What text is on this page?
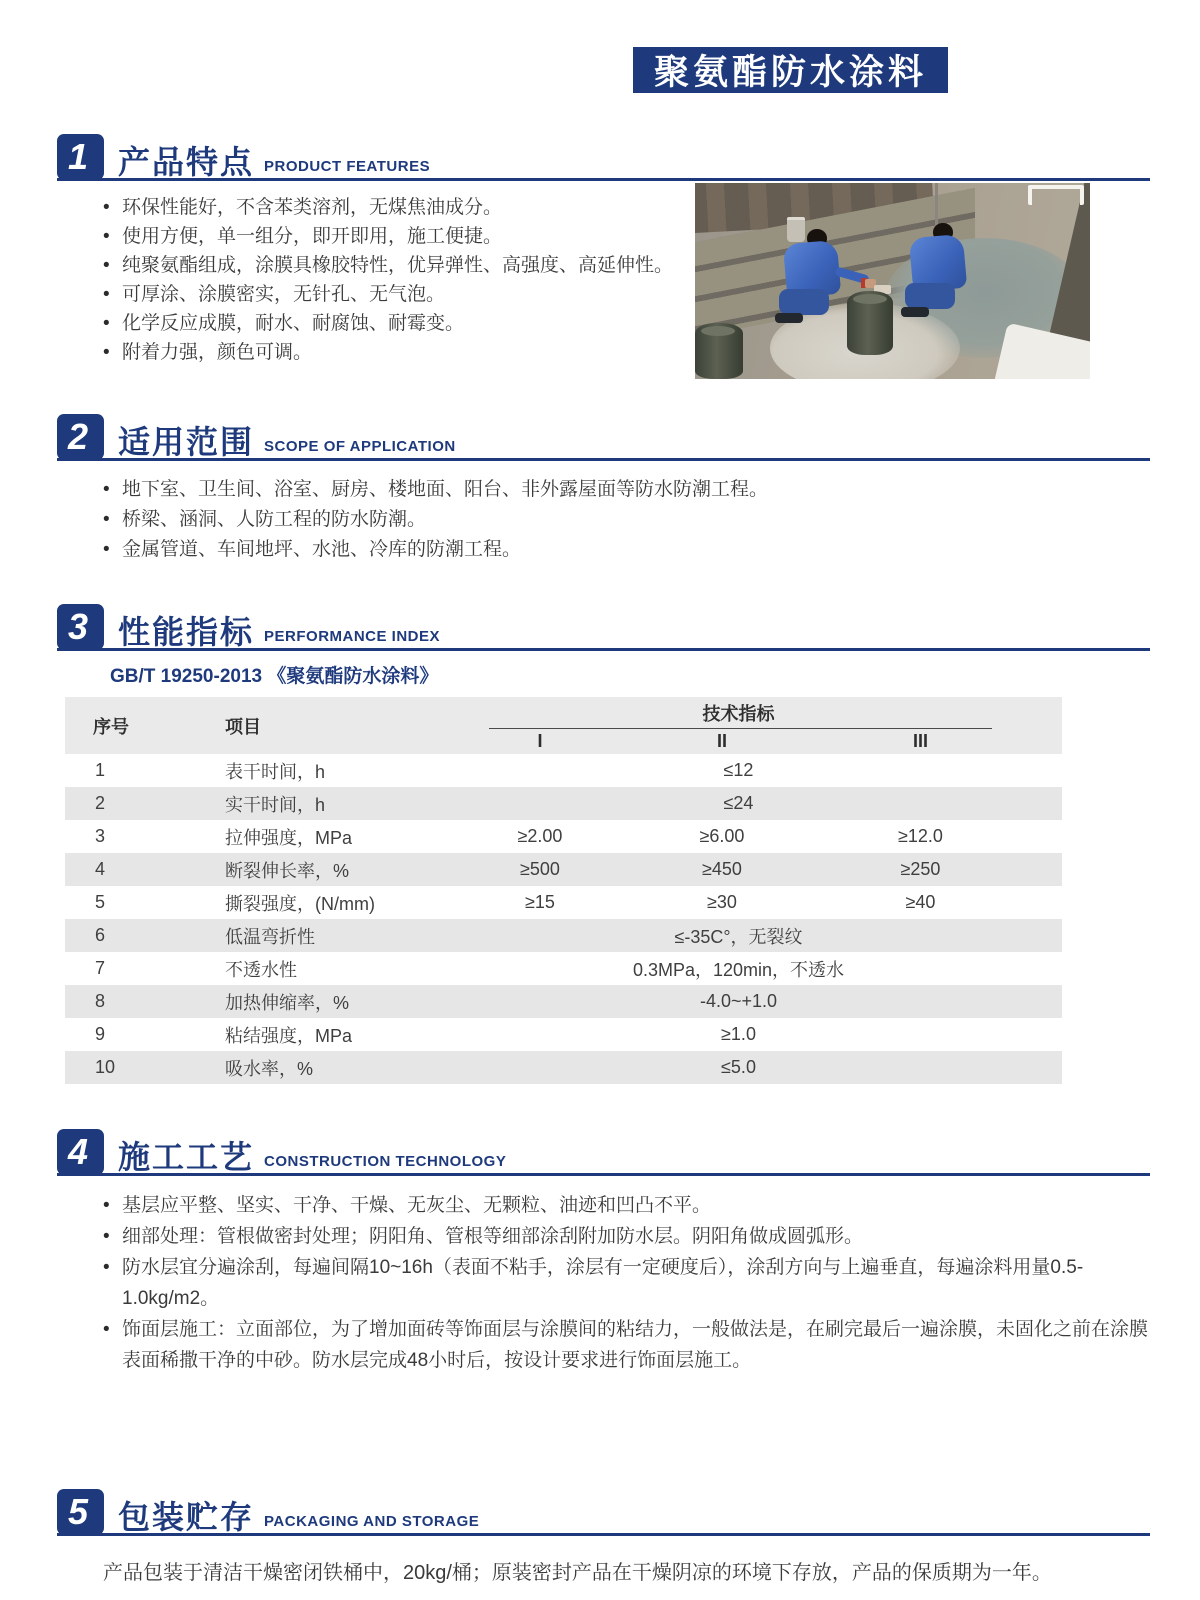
聚氨酯防水涂料
1 产品特点 PRODUCT FEATURES
• 环保性能好，不含苯类溶剂，无煤焦油成分。
• 使用方便，单一组分，即开即用，施工便捷。
• 纯聚氨酯组成，涂膜具橡胶特性，优异弹性、高强度、高延伸性。
• 可厚涂、涂膜密实，无针孔、无气泡。
• 化学反应成膜，耐水、耐腐蚀、耐霉变。
• 附着力强，颜色可调。
2 适用范围 SCOPE OF APPLICATION
• 地下室、卫生间、浴室、厨房、楼地面、阳台、非外露屋面等防水防潮工程。
• 桥梁、涵洞、人防工程的防水防潮。
• 金属管道、车间地坪、水池、冷库的防潮工程。
3 性能指标 PERFORMANCE INDEX
GB/T 19250-2013 《聚氨酯防水涂料》
序号	项目
技术指标
I	II	III
1	表干时间，h	≤12
2	实干时间，h	≤24
3	拉伸强度，MPa	≥2.00	≥6.00	≥12.0
4	断裂伸长率，%	≥500	≥450	≥250
5	撕裂强度，(N/mm)	≥15	≥30	≥40
6	低温弯折性	≤-35C°，无裂纹
7	不透水性	0.3MPa，120min，不透水
8	加热伸缩率，%	-4.0~+1.0
9	粘结强度，MPa	≥1.0
10	吸水率，%	≤5.0
4 施工工艺 CONSTRUCTION TECHNOLOGY
• 基层应平整、坚实、干净、干燥、无灰尘、无颗粒、油迹和凹凸不平。
• 细部处理：管根做密封处理；阴阳角、管根等细部涂刮附加防水层。阴阳角做成圆弧形。
• 防水层宜分遍涂刮，每遍间隔10~16h（表面不粘手，涂层有一定硬度后），涂刮方向与上遍垂直，每遍涂料用量0.5-1.0kg/m2。
• 饰面层施工：立面部位，为了增加面砖等饰面层与涂膜间的粘结力，一般做法是，在刷完最后一遍涂膜，未固化之前在涂膜表面稀撒干净的中砂。防水层完成48小时后，按设计要求进行饰面层施工。
5 包装贮存 PACKAGING AND STORAGE
产品包装于清洁干燥密闭铁桶中，20kg/桶；原装密封产品在干燥阴凉的环境下存放，产品的保质期为一年。
